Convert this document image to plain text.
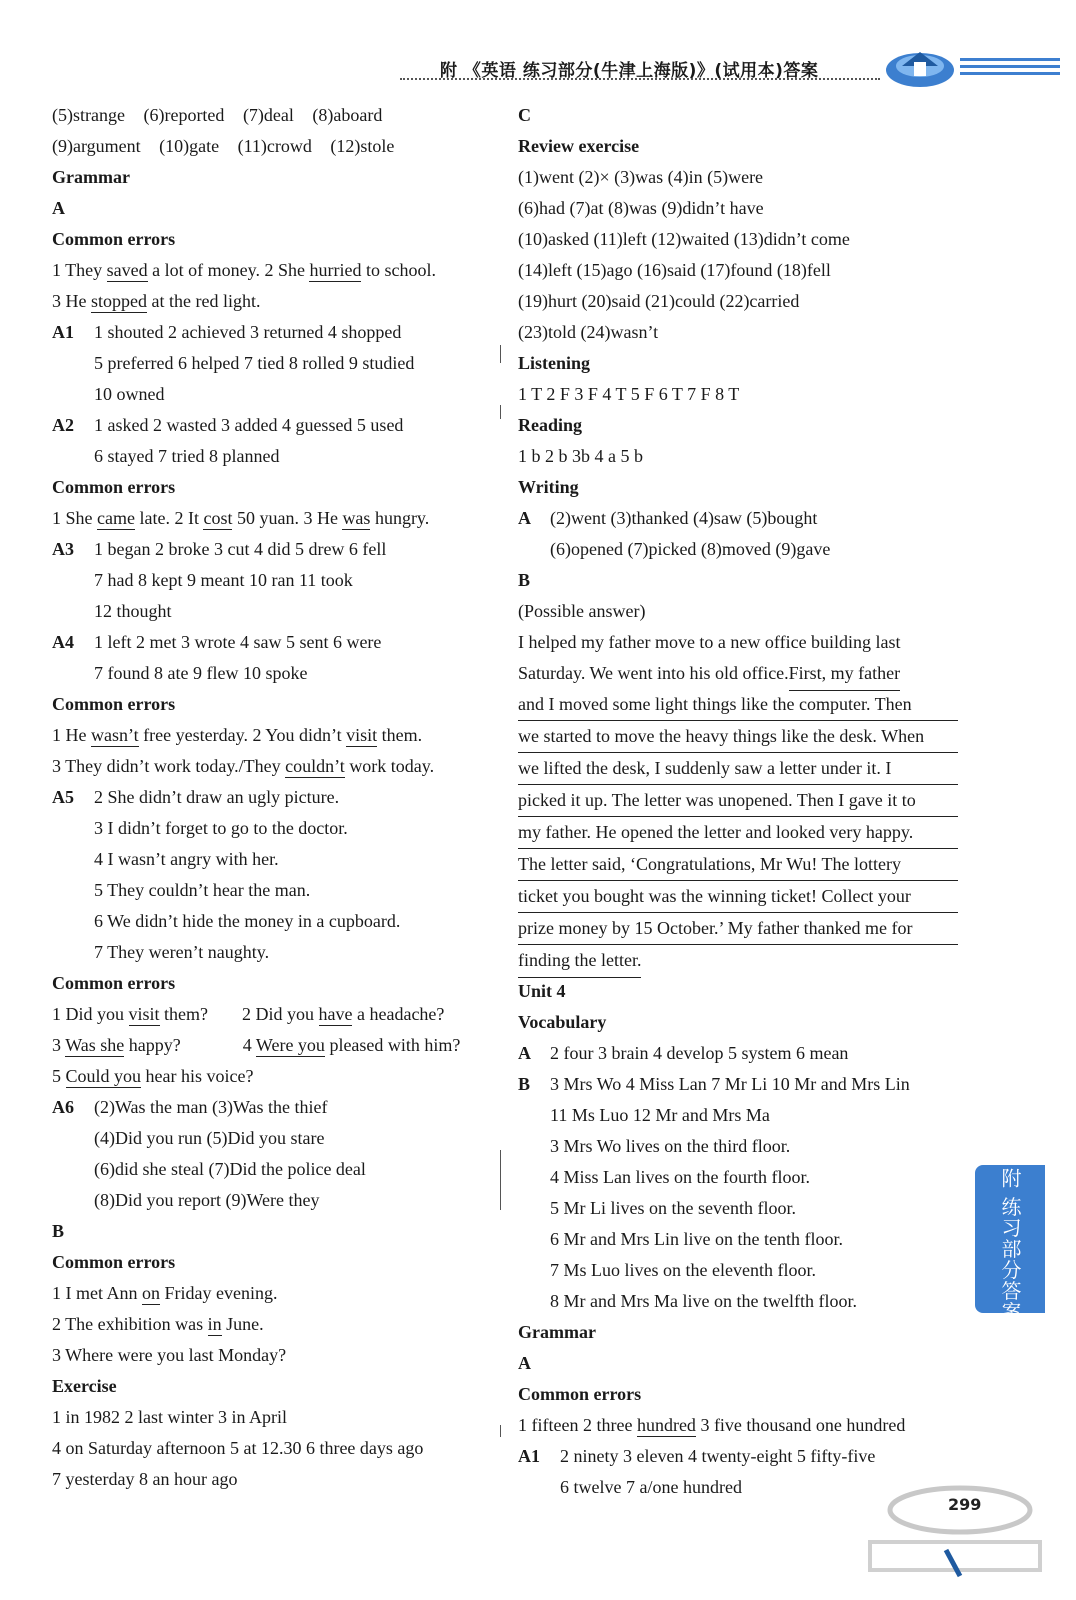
附 《英语 练习部分(牛津上海版)》(试用本)答案
(5)strange (6)reported (7)deal (8)aboard
(9)argument (10)gate (11)crowd (12)stole
Grammar
A
Common errors
1 They saved a lot of money. 2 She hurried to school.
3 He stopped at the red light.
A1 1 shouted 2 achieved 3 returned 4 shopped
5 preferred 6 helped 7 tied 8 rolled 9 studied
10 owned
A2 1 asked 2 wasted 3 added 4 guessed 5 used
6 stayed 7 tried 8 planned
Common errors
1 She came late. 2 It cost 50 yuan. 3 He was hungry.
A3 1 began 2 broke 3 cut 4 did 5 drew 6 fell
7 had 8 kept 9 meant 10 ran 11 took
12 thought
A4 1 left 2 met 3 wrote 4 saw 5 sent 6 were
7 found 8 ate 9 flew 10 spoke
Common errors
1 He wasn’t free yesterday. 2 You didn’t visit them.
3 They didn’t work today./They couldn’t work today.
A5 2 She didn’t draw an ugly picture.
3 I didn’t forget to go to the doctor.
4 I wasn’t angry with her.
5 They couldn’t hear the man.
6 We didn’t hide the money in a cupboard.
7 They weren’t naughty.
Common errors
1 Did you visit them? 2 Did you have a headache?
3 Was she happy?	4 Were you pleased with him?
5 Could you hear his voice?
A6 (2)Was the man (3)Was the thief
(4)Did you run (5)Did you stare
(6)did she steal (7)Did the police deal
(8)Did you report (9)Were they
B
Common errors
1 I met Ann on Friday evening.
2 The exhibition was in June.
3 Where were you last Monday?
Exercise
1 in 1982 2 last winter 3 in April
4 on Saturday afternoon 5 at 12.30 6 three days ago
7 yesterday 8 an hour ago
C
Review exercise
(1)went (2)× (3)was (4)in (5)were
(6)had (7)at (8)was (9)didn’t have
(10)asked (11)left (12)waited (13)didn’t come
(14)left (15)ago (16)said (17)found (18)fell
(19)hurt (20)said (21)could (22)carried
(23)told (24)wasn’t
Listening
1 T 2 F 3 F 4 T 5 F 6 T 7 F 8 T
Reading
1 b 2 b 3b 4 a 5 b
Writing
A (2)went (3)thanked (4)saw (5)bought
(6)opened (7)picked (8)moved (9)gave
B
(Possible answer)
I helped my father move to a new office building last
Saturday. We went into his old office.First, my father
and I moved some light things like the computer. Then
we started to move the heavy things like the desk. When
we lifted the desk, I suddenly saw a letter under it. I
picked it up. The letter was unopened. Then I gave it to
my father. He opened the letter and looked very happy.
The letter said, ‘Congratulations, Mr Wu! The lottery
ticket you bought was the winning ticket! Collect your
prize money by 15 October.’ My father thanked me for
finding the letter.
Unit 4
Vocabulary
A 2 four 3 brain 4 develop 5 system 6 mean
B 3 Mrs Wo 4 Miss Lan 7 Mr Li 10 Mr and Mrs Lin
11 Ms Luo 12 Mr and Mrs Ma
3 Mrs Wo lives on the third floor.
4 Miss Lan lives on the fourth floor.
5 Mr Li lives on the seventh floor.
6 Mr and Mrs Lin live on the tenth floor.
7 Ms Luo lives on the eleventh floor.
8 Mr and Mrs Ma live on the twelfth floor.
Grammar
A
Common errors
1 fifteen 2 three hundred 3 five thousand one hundred
A1 2 ninety 3 eleven 4 twenty-eight 5 fifty-five
6 twelve 7 a/one hundred
附 练习部分答案
299
